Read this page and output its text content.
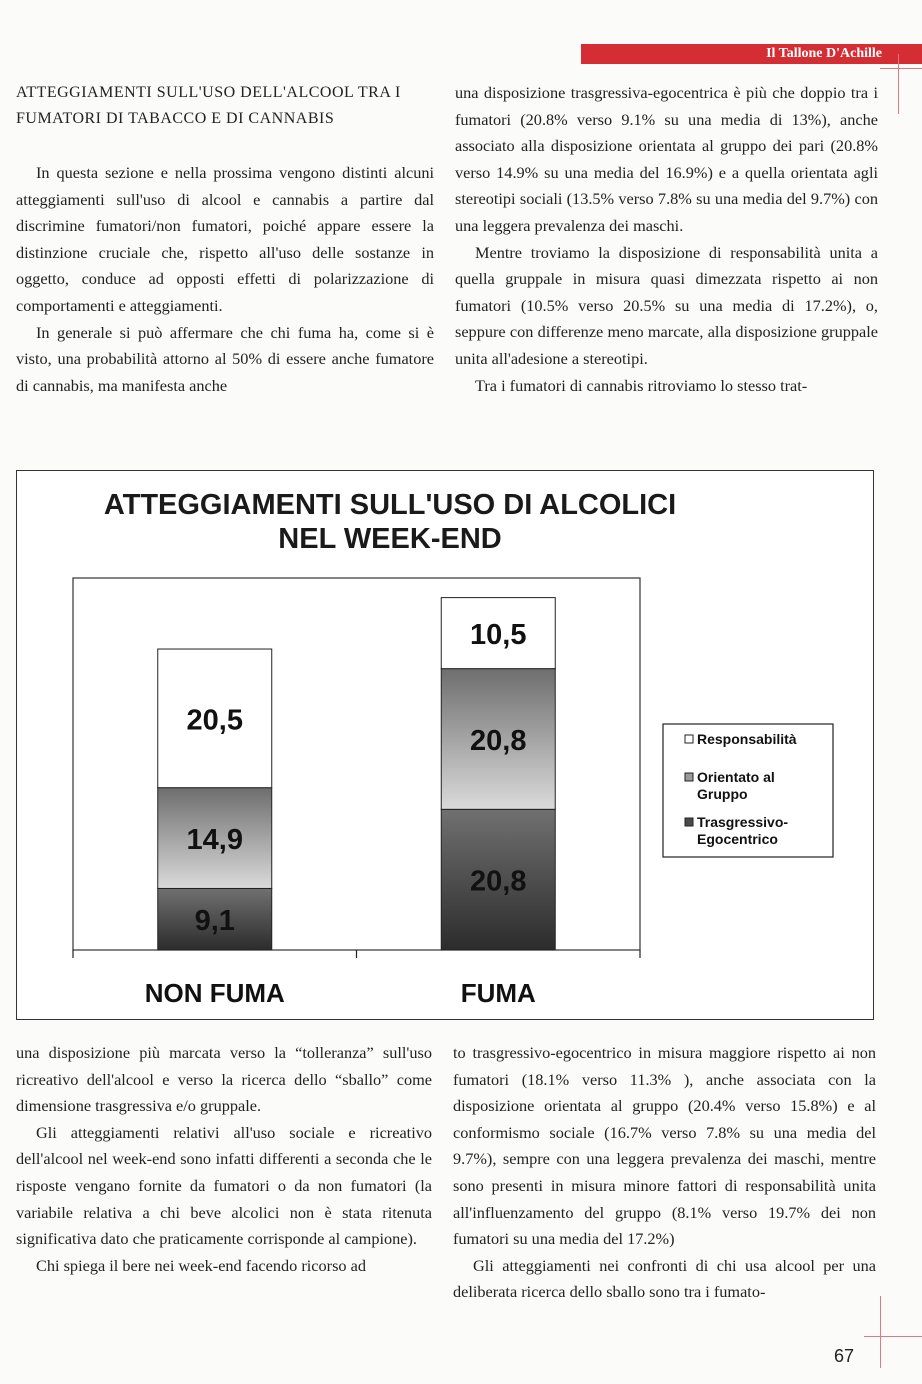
Il Tallone D'Achille

ATTEGGIAMENTI SULL'USO DELL'ALCOOL TRA I FUMATORI DI TABACCO E DI CANNABIS

In questa sezione e nella prossima vengono distinti alcuni atteggiamenti sull'uso di alcool e cannabis a partire dal discrimine fumatori/non fumatori, poiché appare essere la distinzione cruciale che, rispetto all'uso delle sostanze in oggetto, conduce ad opposti effetti di polarizzazione di comportamenti e atteggiamenti.

In generale si può affermare che chi fuma ha, come si è visto, una probabilità attorno al 50% di essere anche fumatore di cannabis, ma manifesta anche

una disposizione trasgressiva-egocentrica è più che doppio tra i fumatori (20.8% verso 9.1% su una media di 13%), anche associato alla disposizione orientata al gruppo dei pari (20.8% verso 14.9% su una media del 16.9%) e a quella orientata agli stereotipi sociali (13.5% verso 7.8% su una media del 9.7%) con una leggera prevalenza dei maschi.

Mentre troviamo la disposizione di responsabilità unita a quella gruppale in misura quasi dimezzata rispetto ai non fumatori (10.5% verso 20.5% su una media di 17.2%), o, seppure con differenze meno marcate, alla disposizione gruppale unita all'adesione a stereotipi.

Tra i fumatori di cannabis ritroviamo lo stesso trat-

ATTEGGIAMENTI SULL'USO DI ALCOLICI
NEL WEEK-END
9,1
14,9
20,5
20,8
20,8
10,5
NON FUMA	FUMA
Responsabilità
Orientato al
Gruppo
Trasgressivo-
Egocentrico

una disposizione più marcata verso la “tolleranza” sull'uso ricreativo dell'alcool e verso la ricerca dello “sballo” come dimensione trasgressiva e/o gruppale.

Gli atteggiamenti relativi all'uso sociale e ricreativo dell'alcool nel week-end sono infatti differenti a seconda che le risposte vengano fornite da fumatori o da non fumatori (la variabile relativa a chi beve alcolici non è stata ritenuta significativa dato che praticamente corrisponde al campione).

Chi spiega il bere nei week-end facendo ricorso ad

to trasgressivo-egocentrico in misura maggiore rispetto ai non fumatori (18.1% verso 11.3% ), anche associata con la disposizione orientata al gruppo (20.4% verso 15.8%) e al conformismo sociale (16.7% verso 7.8% su una media del 9.7%), sempre con una leggera prevalenza dei maschi, mentre sono presenti in misura minore fattori di responsabilità unita all'influenzamento del gruppo (8.1% verso 19.7% dei non fumatori su una media del 17.2%)

Gli atteggiamenti nei confronti di chi usa alcool per una deliberata ricerca dello sballo sono tra i fumato-

67
